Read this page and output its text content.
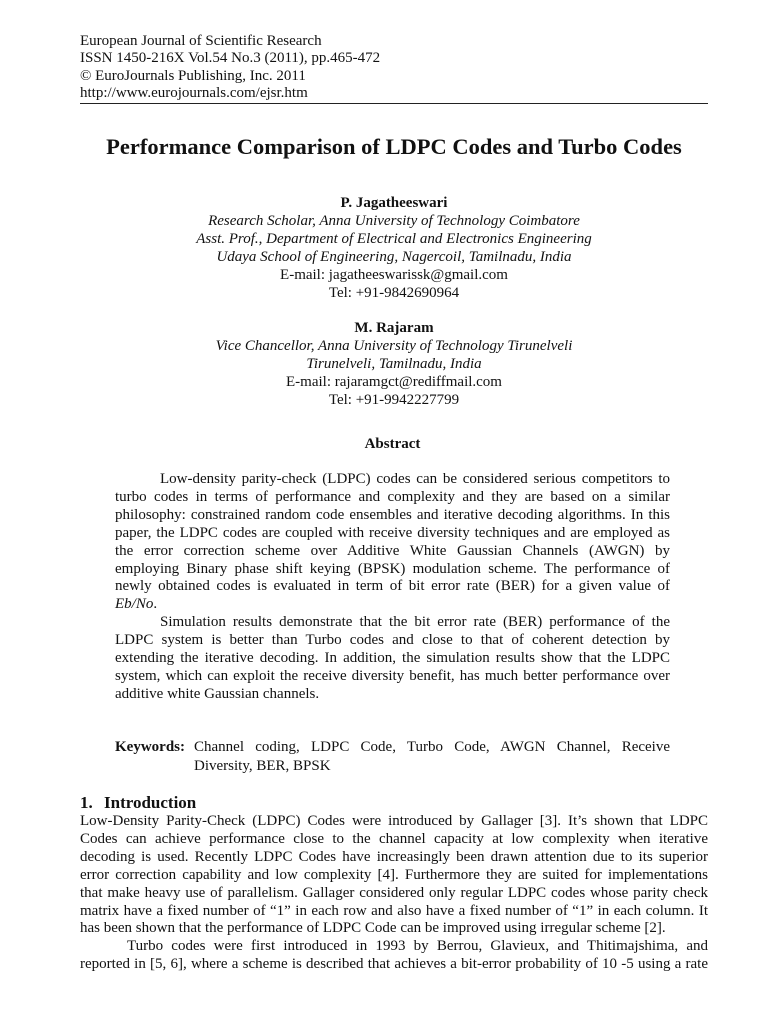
European Journal of Scientific Research
ISSN 1450-216X Vol.54 No.3 (2011), pp.465-472
© EuroJournals Publishing, Inc. 2011
http://www.eurojournals.com/ejsr.htm
Performance Comparison of LDPC Codes and Turbo Codes
P. Jagatheeswari
Research Scholar, Anna University of Technology Coimbatore
Asst. Prof., Department of Electrical and Electronics Engineering
Udaya School of Engineering, Nagercoil, Tamilnadu, India
E-mail: jagatheeswarissk@gmail.com
Tel: +91-9842690964
M. Rajaram
Vice Chancellor, Anna University of Technology Tirunelveli
Tirunelveli, Tamilnadu, India
E-mail: rajaramgct@rediffmail.com
Tel: +91-9942227799
Abstract
Low-density parity-check (LDPC) codes can be considered serious competitors to
turbo codes in terms of performance and complexity and they are based on a similar
philosophy: constrained random code ensembles and iterative decoding algorithms. In this
paper, the LDPC codes are coupled with receive diversity techniques and are employed as
the error correction scheme over Additive White Gaussian Channels (AWGN) by
employing Binary phase shift keying (BPSK) modulation scheme. The performance of
newly obtained codes is evaluated in term of bit error rate (BER) for a given value of
Eb/No.
Simulation results demonstrate that the bit error rate (BER) performance of the
LDPC system is better than Turbo codes and close to that of coherent detection by
extending the iterative decoding. In addition, the simulation results show that the LDPC
system, which can exploit the receive diversity benefit, has much better performance over
additive white Gaussian channels.
Keywords: Channel coding, LDPC Code, Turbo Code, AWGN Channel, Receive
Diversity, BER, BPSK
1. Introduction
Low-Density Parity-Check (LDPC) Codes were introduced by Gallager [3]. It’s shown that LDPC
Codes can achieve performance close to the channel capacity at low complexity when iterative
decoding is used. Recently LDPC Codes have increasingly been drawn attention due to its superior
error correction capability and low complexity [4]. Furthermore they are suited for implementations
that make heavy use of parallelism. Gallager considered only regular LDPC codes whose parity check
matrix have a fixed number of “1” in each row and also have a fixed number of “1” in each column. It
has been shown that the performance of LDPC Code can be improved using irregular scheme [2].
Turbo codes were first introduced in 1993 by Berrou, Glavieux, and Thitimajshima, and
reported in [5, 6], where a scheme is described that achieves a bit-error probability of 10 -5 using a rate
